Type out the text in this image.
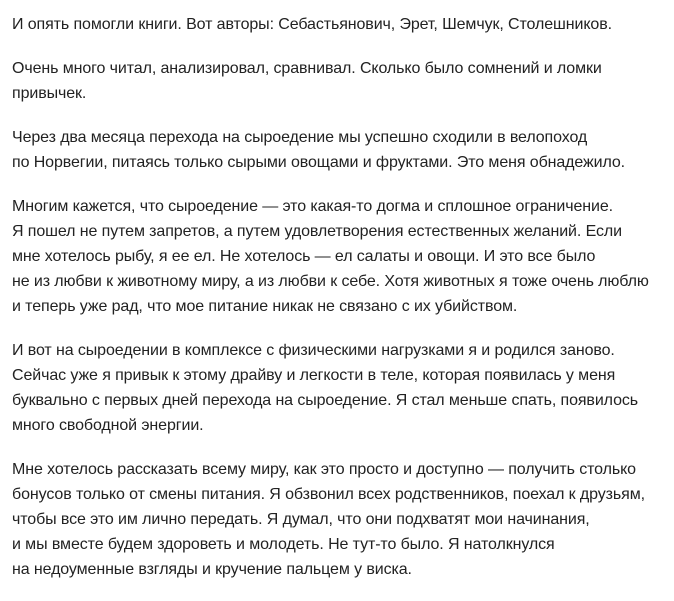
И опять помогли книги. Вот авторы: Себастьянович, Эрет, Шемчук, Столешников.

Очень много читал, анализировал, сравнивал. Сколько было сомнений и ломки
привычек.

Через два месяца перехода на сыроедение мы успешно сходили в велопоход
по Норвегии, питаясь только сырыми овощами и фруктами. Это меня обнадежило.

Многим кажется, что сыроедение — это какая-то догма и сплошное ограничение.
Я пошел не путем запретов, а путем удовлетворения естественных желаний. Если
мне хотелось рыбу, я ее ел. Не хотелось — ел салаты и овощи. И это все было
не из любви к животному миру, а из любви к себе. Хотя животных я тоже очень люблю
и теперь уже рад, что мое питание никак не связано с их убийством.

И вот на сыроедении в комплексе с физическими нагрузками я и родился заново.
Сейчас уже я привык к этому драйву и легкости в теле, которая появилась у меня
буквально с первых дней перехода на сыроедение. Я стал меньше спать, появилось
много свободной энергии.

Мне хотелось рассказать всему миру, как это просто и доступно — получить столько
бонусов только от смены питания. Я обзвонил всех родственников, поехал к друзьям,
чтобы все это им лично передать. Я думал, что они подхватят мои начинания,
и мы вместе будем здороветь и молодеть. Не тут-то было. Я натолкнулся
на недоуменные взгляды и кручение пальцем у виска.
